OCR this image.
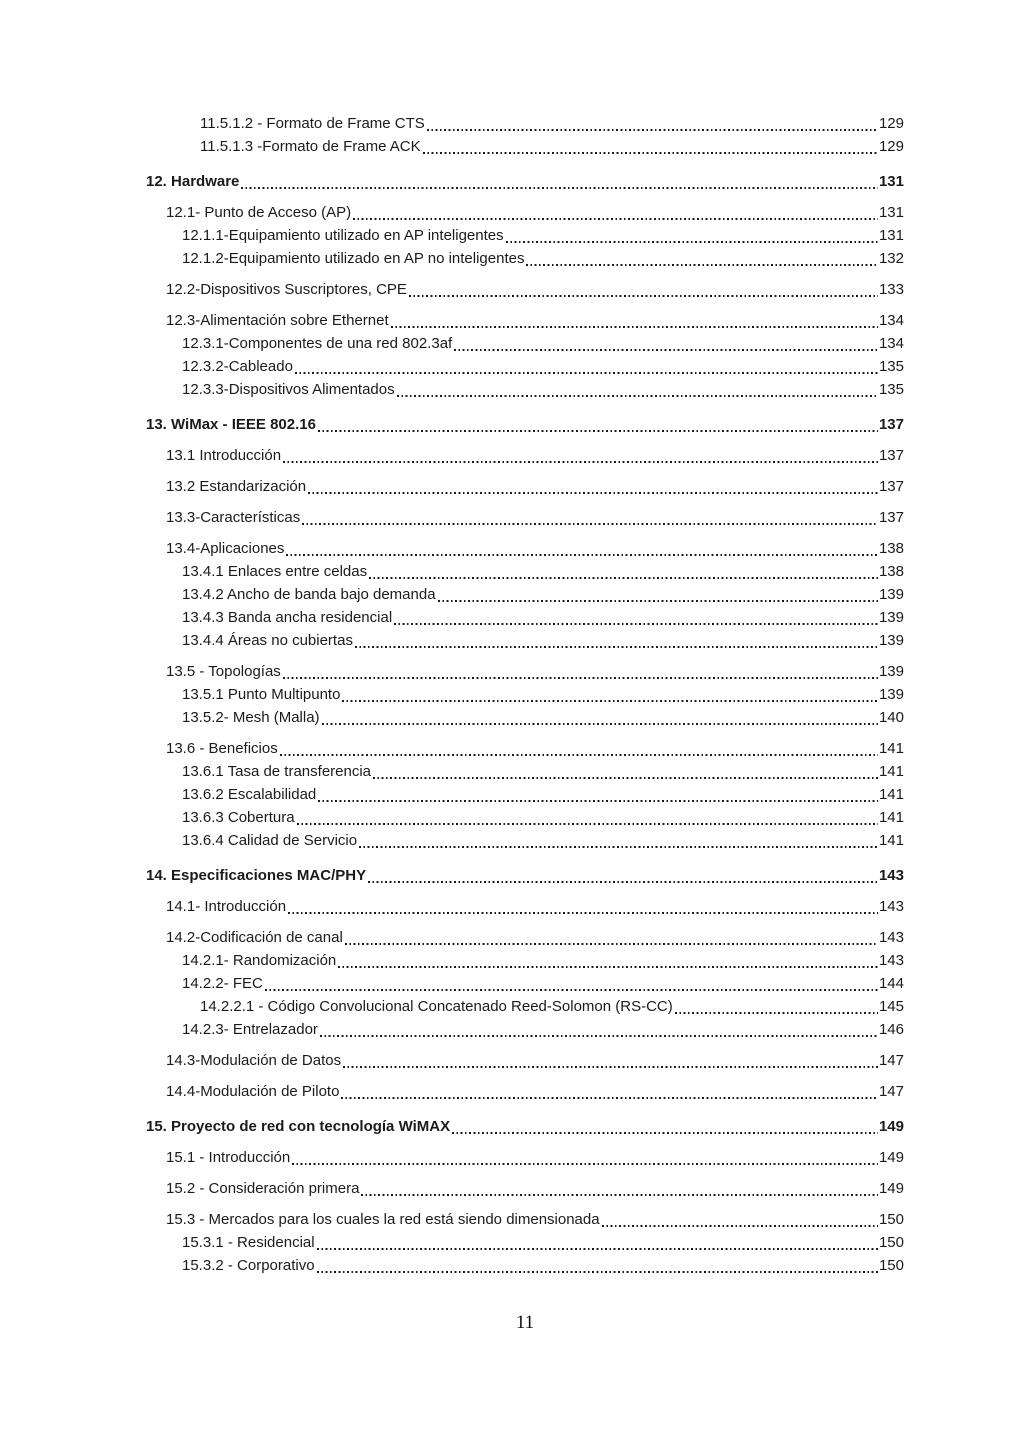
11.5.1.2 - Formato de Frame CTS	129
11.5.1.3 -Formato de Frame ACK	129
12. Hardware	131
12.1- Punto de Acceso (AP)	131
12.1.1-Equipamiento utilizado en AP inteligentes	131
12.1.2-Equipamiento utilizado en AP no inteligentes	132
12.2-Dispositivos Suscriptores, CPE	133
12.3-Alimentación sobre Ethernet	134
12.3.1-Componentes de una red 802.3af	134
12.3.2-Cableado	135
12.3.3-Dispositivos Alimentados	135
13. WiMax - IEEE 802.16	137
13.1 Introducción	137
13.2 Estandarización	137
13.3-Características	137
13.4-Aplicaciones	138
13.4.1 Enlaces entre celdas	138
13.4.2 Ancho de banda bajo demanda	139
13.4.3 Banda ancha residencial	139
13.4.4 Áreas no cubiertas	139
13.5 - Topologías	139
13.5.1 Punto Multipunto	139
13.5.2- Mesh (Malla)	140
13.6 - Beneficios	141
13.6.1 Tasa de transferencia	141
13.6.2 Escalabilidad	141
13.6.3 Cobertura	141
13.6.4 Calidad de Servicio	141
14. Especificaciones MAC/PHY	143
14.1- Introducción	143
14.2-Codificación de canal	143
14.2.1- Randomización	143
14.2.2- FEC	144
14.2.2.1 - Código Convolucional Concatenado Reed-Solomon (RS-CC)	145
14.2.3- Entrelazador	146
14.3-Modulación de Datos	147
14.4-Modulación de Piloto	147
15. Proyecto de red con tecnología WiMAX	149
15.1 - Introducción	149
15.2 - Consideración primera	149
15.3 - Mercados para los cuales la red está siendo dimensionada	150
15.3.1 - Residencial	150
15.3.2 - Corporativo	150
11
